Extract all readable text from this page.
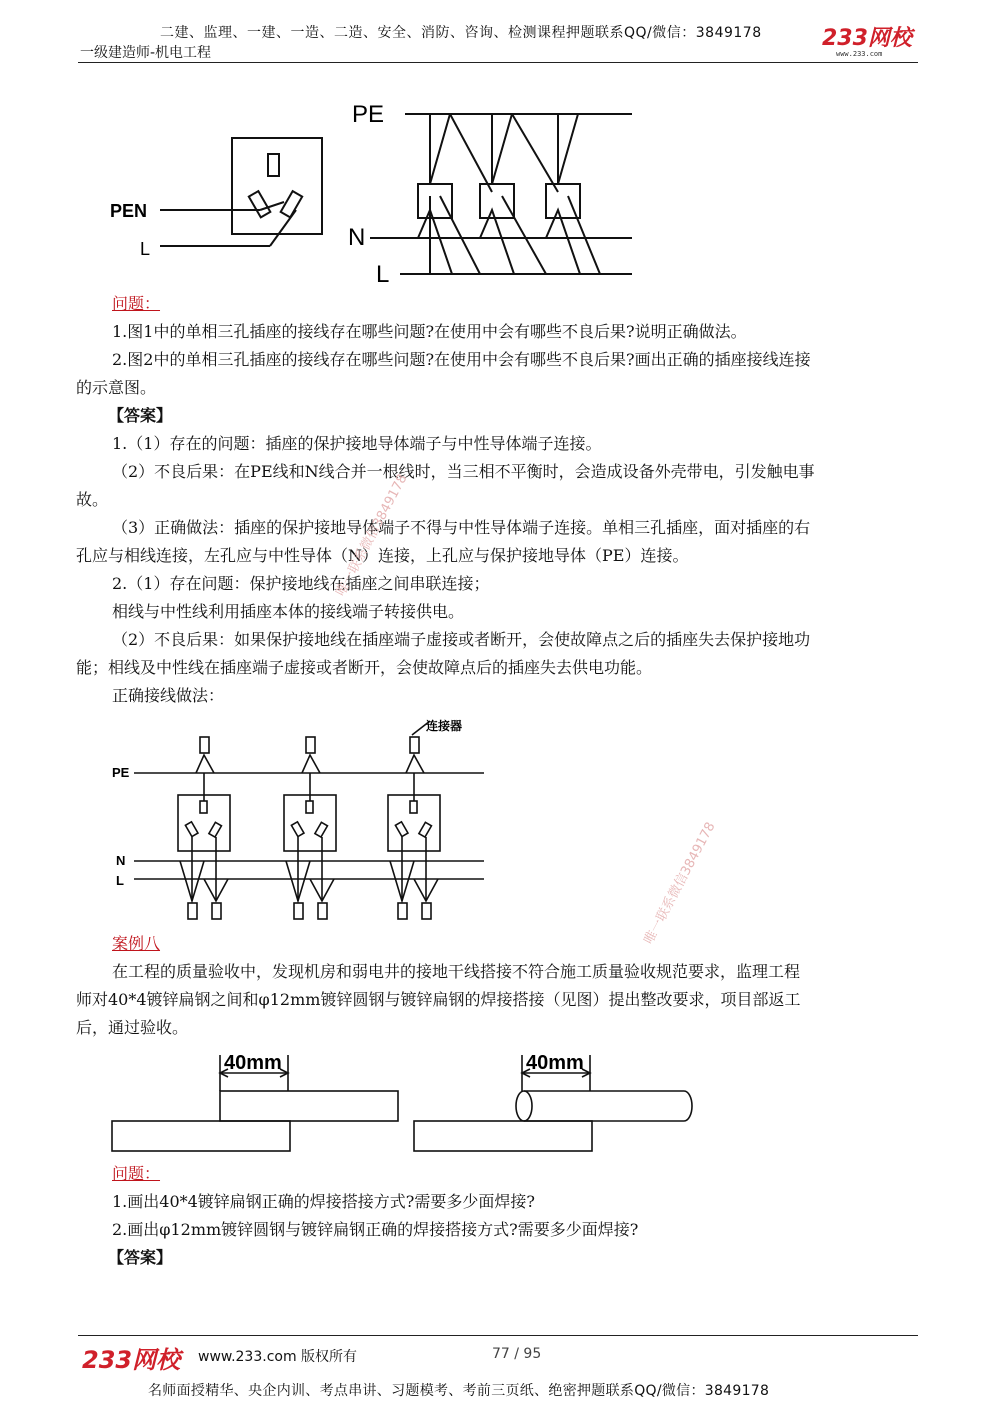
二建、监理、一建、一造、二造、安全、消防、咨询、检测课程押题联系QQ/微信：3849178
一级建造师-机电工程
233网校
www.233.com
PE
PEN
L	N
L
问题：
1.图1中的单相三孔插座的接线存在哪些问题?在使用中会有哪些不良后果?说明正确做法。
2.图2中的单相三孔插座的接线存在哪些问题?在使用中会有哪些不良后果?画出正确的插座接线连接
的示意图。
【答案】
1.（1）存在的问题：插座的保护接地导体端子与中性导体端子连接。
（2）不良后果：在PE线和N线合并一根线时，当三相不平衡时，会造成设备外壳带电，引发触电事
故。
（3）正确做法：插座的保护接地导体端子不得与中性导体端子连接。单相三孔插座，面对插座的右
孔应与相线连接，左孔应与中性导体（N）连接，上孔应与保护接地导体（PE）连接。
2.（1）存在问题：保护接地线在插座之间串联连接；
相线与中性线利用插座本体的接线端子转接供电。
（2）不良后果：如果保护接地线在插座端子虚接或者断开，会使故障点之后的插座失去保护接地功
能；相线及中性线在插座端子虚接或者断开，会使故障点后的插座失去供电功能。
正确接线做法：
连接器
PE
N
L
案例八
在工程的质量验收中，发现机房和弱电井的接地干线搭接不符合施工质量验收规范要求，监理工程
师对40*4镀锌扁钢之间和φ12mm镀锌圆钢与镀锌扁钢的焊接搭接（见图）提出整改要求，项目部返工
后，通过验收。
40mm	40mm
问题：
1.画出40*4镀锌扁钢正确的焊接搭接方式?需要多少面焊接?
2.画出φ12mm镀锌圆钢与镀锌扁钢正确的焊接搭接方式?需要多少面焊接?
【答案】
唯一联系微信3849178
唯一联系微信3849178
233网校 www.233.com 版权所有	77 / 95
名师面授精华、央企内训、考点串讲、习题模考、考前三页纸、绝密押题联系QQ/微信：3849178
